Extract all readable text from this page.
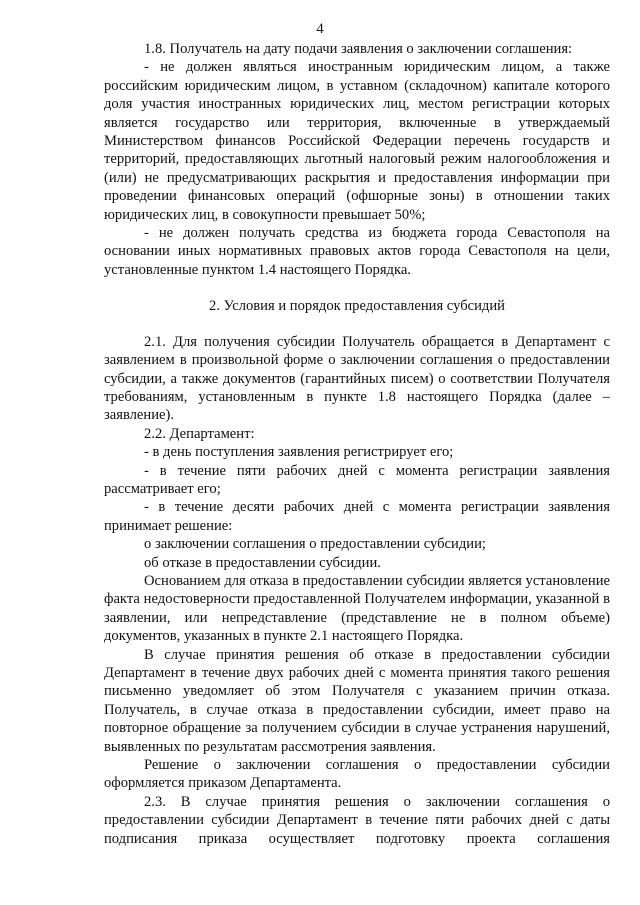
4

1.8. Получатель на дату подачи заявления о заключении соглашения:

- не должен являться иностранным юридическим лицом, а также российским юридическим лицом, в уставном (складочном) капитале которого доля участия иностранных юридических лиц, местом регистрации которых является государство или территория, включенные в утверждаемый Министерством финансов Российской Федерации перечень государств и территорий, предоставляющих льготный налоговый режим налогообложения и (или) не предусматривающих раскрытия и предоставления информации при проведении финансовых операций (офшорные зоны) в отношении таких юридических лиц, в совокупности превышает 50%;

- не должен получать средства из бюджета города Севастополя на основании иных нормативных правовых актов города Севастополя на цели, установленные пунктом 1.4 настоящего Порядка.

2. Условия и порядок предоставления субсидий

2.1. Для получения субсидии Получатель обращается в Департамент с заявлением в произвольной форме о заключении соглашения о предоставлении субсидии, а также документов (гарантийных писем) о соответствии Получателя требованиям, установленным в пункте 1.8 настоящего Порядка (далее – заявление).

2.2. Департамент:

- в день поступления заявления регистрирует его;

- в течение пяти рабочих дней с момента регистрации заявления рассматривает его;

- в течение десяти рабочих дней с момента регистрации заявления принимает решение:

о заключении соглашения о предоставлении субсидии;

об отказе в предоставлении субсидии.

Основанием для отказа в предоставлении субсидии является установление факта недостоверности предоставленной Получателем информации, указанной в заявлении, или непредставление (представление не в полном объеме) документов, указанных в пункте 2.1 настоящего Порядка.

В случае принятия решения об отказе в предоставлении субсидии Департамент в течение двух рабочих дней с момента принятия такого решения письменно уведомляет об этом Получателя с указанием причин отказа. Получатель, в случае отказа в предоставлении субсидии, имеет право на повторное обращение за получением субсидии в случае устранения нарушений, выявленных по результатам рассмотрения заявления.

Решение о заключении соглашения о предоставлении субсидии оформляется приказом Департамента.

2.3. В случае принятия решения о заключении соглашения о предоставлении субсидии Департамент в течение пяти рабочих дней с даты подписания приказа осуществляет подготовку проекта соглашения
